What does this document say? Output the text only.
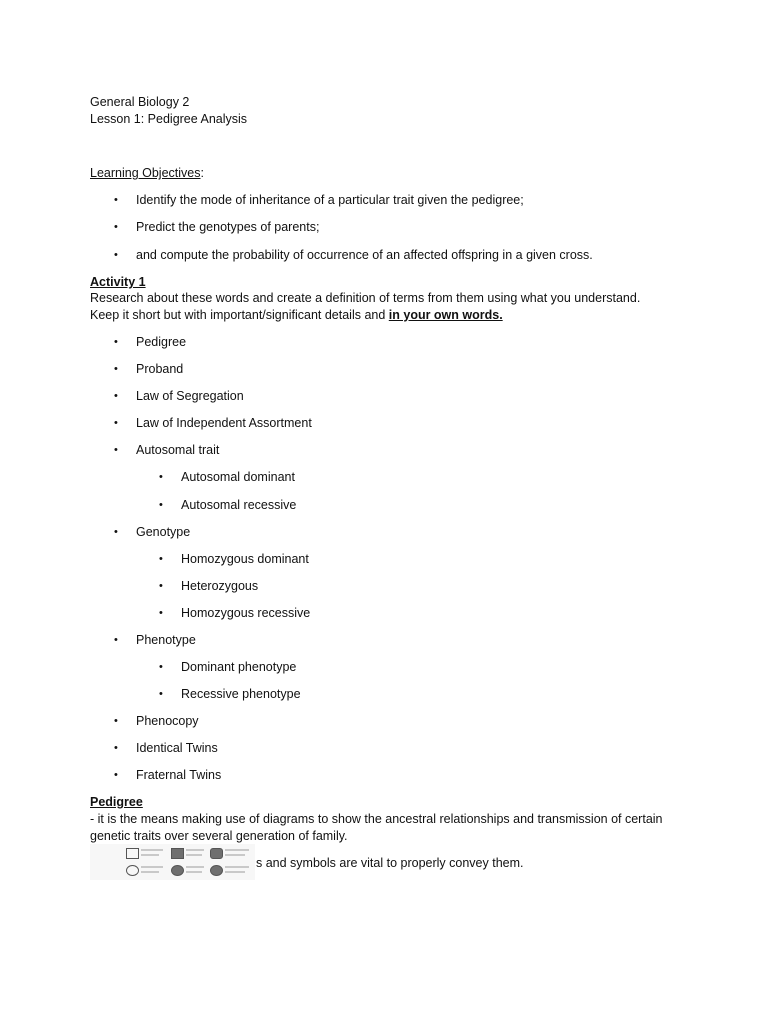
General Biology 2
Lesson 1: Pedigree Analysis
Learning Objectives:
• Identify the mode of inheritance of a particular trait given the pedigree;
• Predict the genotypes of parents;
• and compute the probability of occurrence of an affected offspring in a given cross.
Activity 1
Research about these words and create a definition of terms from them using what you understand.
Keep it short but with important/significant details and in your own words.
• Pedigree
• Proband
• Law of Segregation
• Law of Independent Assortment
• Autosomal trait
• Autosomal dominant
• Autosomal recessive
• Genotype
• Homozygous dominant
• Heterozygous
• Homozygous recessive
• Phenotype
• Dominant phenotype
• Recessive phenotype
• Phenocopy
• Identical Twins
• Fraternal Twins
Pedigree
- it is the means making use of diagrams to show the ancestral relationships and transmission of certain
genetic traits over several generation of family.
s and symbols are vital to properly convey them.
